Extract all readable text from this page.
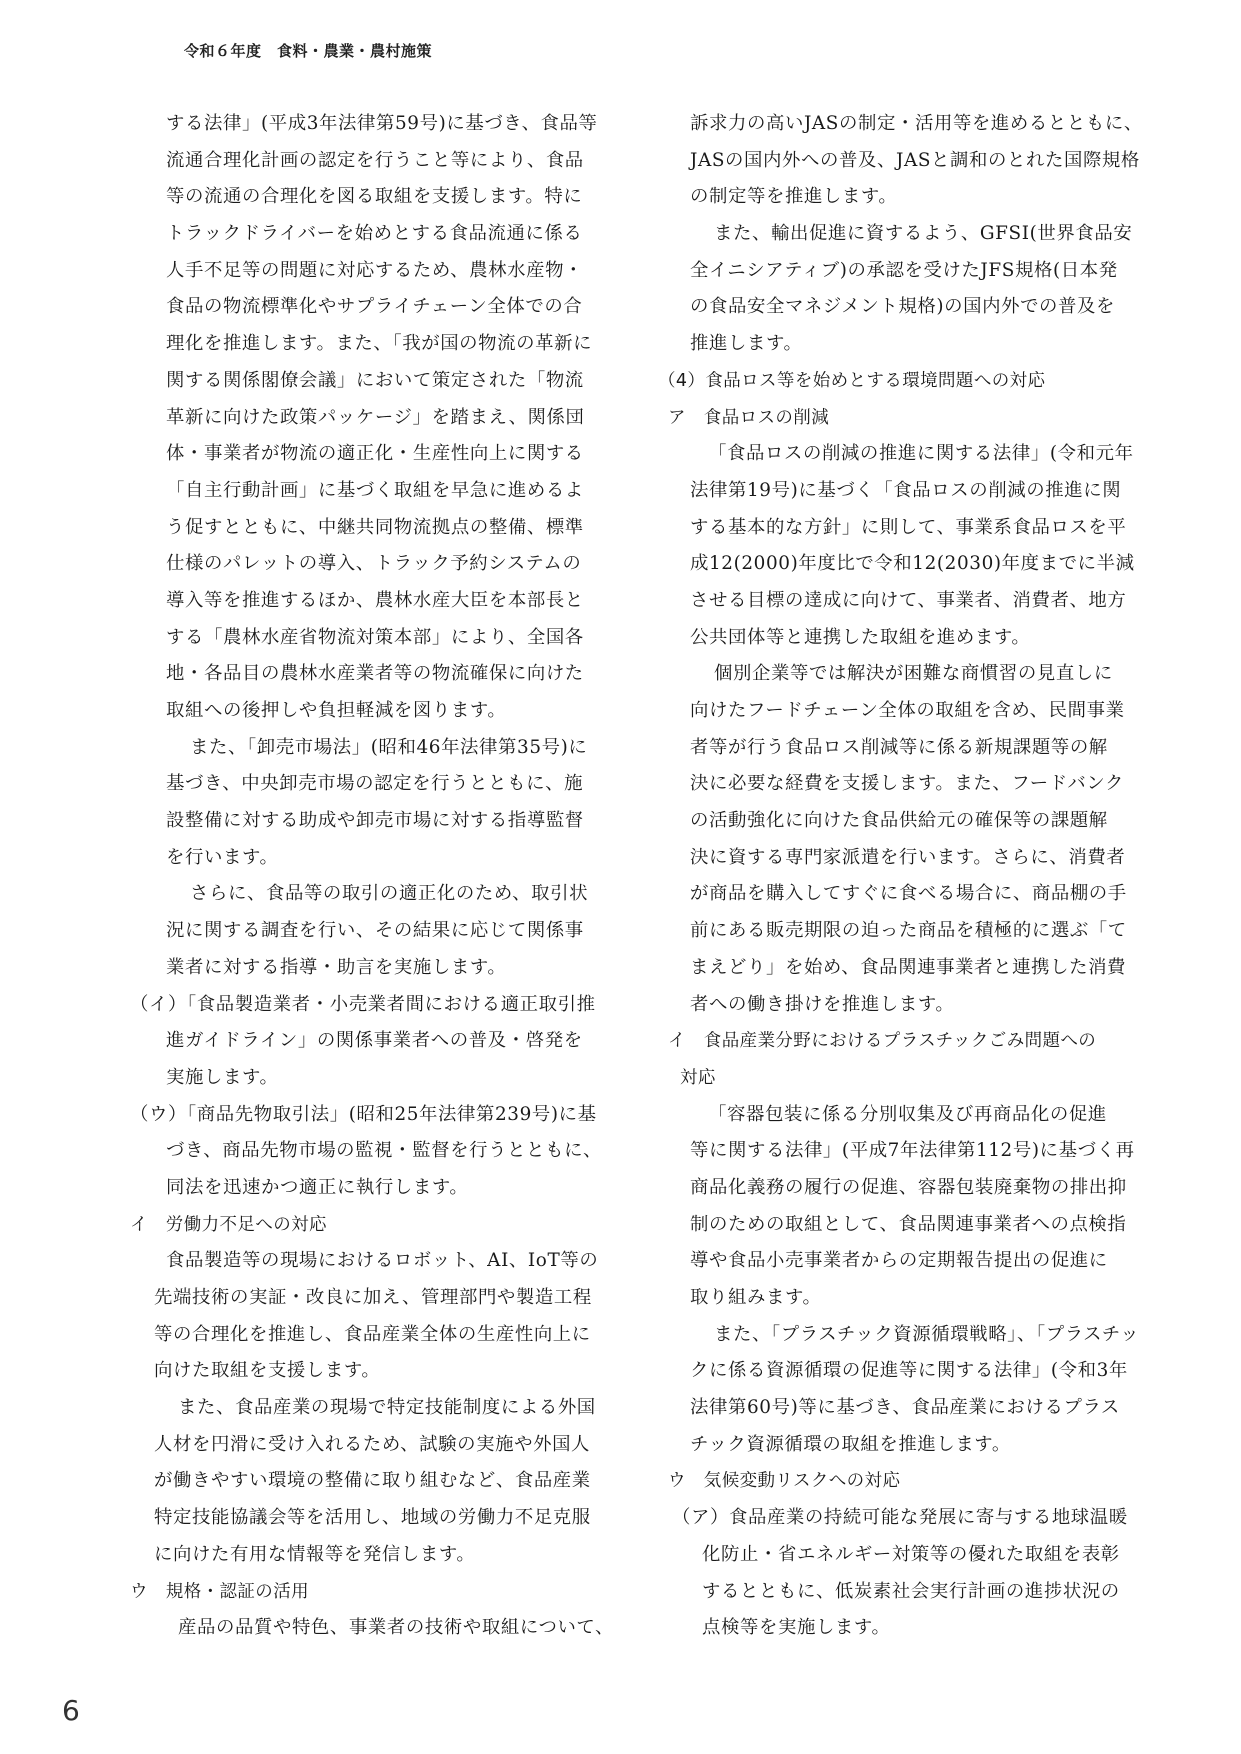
令和６年度　食料・農業・農村施策
する法律」(平成3年法律第59号)に基づき、食品等
流通合理化計画の認定を行うこと等により、食品
等の流通の合理化を図る取組を支援します。特に
トラックドライバーを始めとする食品流通に係る
人手不足等の問題に対応するため、農林水産物・
食品の物流標準化やサプライチェーン全体での合
理化を推進します。また、「我が国の物流の革新に
関する関係閣僚会議」において策定された「物流
革新に向けた政策パッケージ」を踏まえ、関係団
体・事業者が物流の適正化・生産性向上に関する
「自主行動計画」に基づく取組を早急に進めるよ
う促すとともに、中継共同物流拠点の整備、標準
仕様のパレットの導入、トラック予約システムの
導入等を推進するほか、農林水産大臣を本部長と
する「農林水産省物流対策本部」により、全国各
地・各品目の農林水産業者等の物流確保に向けた
取組への後押しや負担軽減を図ります。
また、「卸売市場法」(昭和46年法律第35号)に
基づき、中央卸売市場の認定を行うとともに、施
設整備に対する助成や卸売市場に対する指導監督
を行います。
さらに、食品等の取引の適正化のため、取引状
況に関する調査を行い、その結果に応じて関係事
業者に対する指導・助言を実施します。
（イ）「食品製造業者・小売業者間における適正取引推
進ガイドライン」の関係事業者への普及・啓発を
実施します。
（ウ）「商品先物取引法」(昭和25年法律第239号)に基
づき、商品先物市場の監視・監督を行うとともに、
同法を迅速かつ適正に執行します。
イ　労働力不足への対応
食品製造等の現場におけるロボット、AI、IoT等の
先端技術の実証・改良に加え、管理部門や製造工程
等の合理化を推進し、食品産業全体の生産性向上に
向けた取組を支援します。
また、食品産業の現場で特定技能制度による外国
人材を円滑に受け入れるため、試験の実施や外国人
が働きやすい環境の整備に取り組むなど、食品産業
特定技能協議会等を活用し、地域の労働力不足克服
に向けた有用な情報等を発信します。
ウ　規格・認証の活用
産品の品質や特色、事業者の技術や取組について、
訴求力の高いJASの制定・活用等を進めるとともに、
JASの国内外への普及、JASと調和のとれた国際規格
の制定等を推進します。
また、輸出促進に資するよう、GFSI(世界食品安
全イニシアティブ)の承認を受けたJFS規格(日本発
の食品安全マネジメント規格)の国内外での普及を
推進します。
（4）食品ロス等を始めとする環境問題への対応
ア　食品ロスの削減
「食品ロスの削減の推進に関する法律」(令和元年
法律第19号)に基づく「食品ロスの削減の推進に関
する基本的な方針」に則して、事業系食品ロスを平
成12(2000)年度比で令和12(2030)年度までに半減
させる目標の達成に向けて、事業者、消費者、地方
公共団体等と連携した取組を進めます。
個別企業等では解決が困難な商慣習の見直しに
向けたフードチェーン全体の取組を含め、民間事業
者等が行う食品ロス削減等に係る新規課題等の解
決に必要な経費を支援します。また、フードバンク
の活動強化に向けた食品供給元の確保等の課題解
決に資する専門家派遣を行います。さらに、消費者
が商品を購入してすぐに食べる場合に、商品棚の手
前にある販売期限の迫った商品を積極的に選ぶ「て
まえどり」を始め、食品関連事業者と連携した消費
者への働き掛けを推進します。
イ　食品産業分野におけるプラスチックごみ問題への
対応
「容器包装に係る分別収集及び再商品化の促進
等に関する法律」(平成7年法律第112号)に基づく再
商品化義務の履行の促進、容器包装廃棄物の排出抑
制のための取組として、食品関連事業者への点検指
導や食品小売事業者からの定期報告提出の促進に
取り組みます。
また、「プラスチック資源循環戦略」、「プラスチッ
クに係る資源循環の促進等に関する法律」(令和3年
法律第60号)等に基づき、食品産業におけるプラス
チック資源循環の取組を推進します。
ウ　気候変動リスクへの対応
（ア）食品産業の持続可能な発展に寄与する地球温暖
化防止・省エネルギー対策等の優れた取組を表彰
するとともに、低炭素社会実行計画の進捗状況の
点検等を実施します。
6
